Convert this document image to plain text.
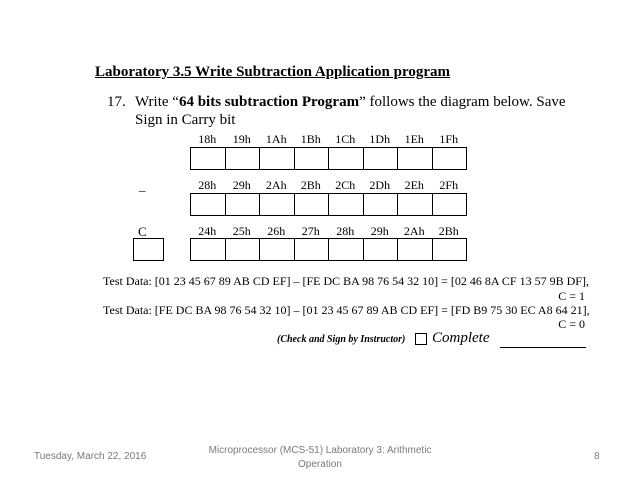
Laboratory 3.5 Write Subtraction Application program
17. Write “64 bits subtraction Program” follows the diagram below. Save
Sign in Carry bit
18h	19h	1Ah	1Bh	1Ch	1Dh	1Eh	1Fh
_	28h	29h	2Ah	2Bh	2Ch	2Dh	2Eh	2Fh
C	24h	25h	26h	27h	28h	29h	2Ah	2Bh
Test Data: [01 23 45 67 89 AB CD EF] – [FE DC BA 98 76 54 32 10] = [02 46 8A CF 13 57 9B DF],
C = 1
Test Data: [FE DC BA 98 76 54 32 10] – [01 23 45 67 89 AB CD EF] = [FD B9 75 30 EC A8 64 21],
C = 0
(Check and Sign by Instructor) Complete
Tuesday, March 22, 2016
Microprocessor (MCS-51) Laboratory 3: Arithmetic Operation
8
